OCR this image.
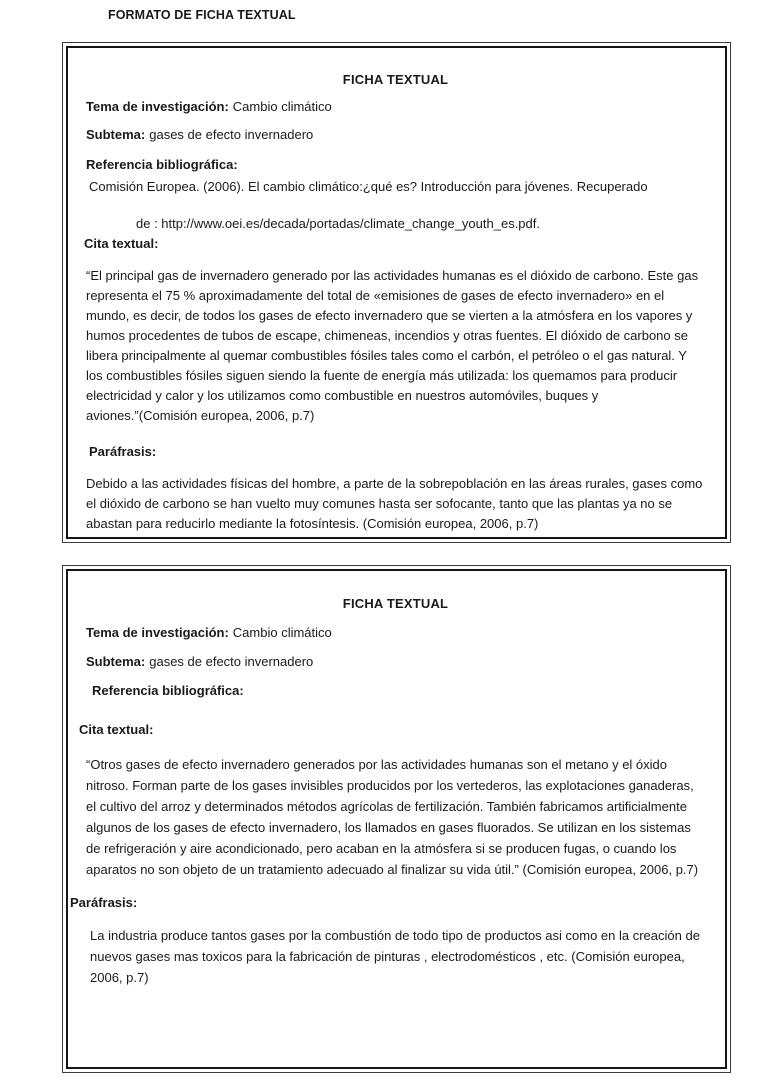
FORMATO DE FICHA TEXTUAL
FICHA TEXTUAL
Tema de investigación: Cambio climático
Subtema: gases de efecto invernadero
Referencia bibliográfica:
Comisión Europea. (2006). El cambio climático:¿qué es? Introducción para jóvenes. Recuperado
de : http://www.oei.es/decada/portadas/climate_change_youth_es.pdf.
Cita textual:
“El principal gas de invernadero generado por las actividades humanas es el dióxido de carbono. Este gas representa el 75 % aproximadamente del total de «emisiones de gases de efecto invernadero» en el mundo, es decir, de todos los gases de efecto invernadero que se vierten a la atmósfera en los vapores y humos procedentes de tubos de escape, chimeneas, incendios y otras fuentes. El dióxido de carbono se libera principalmente al quemar combustibles fósiles tales como el carbón, el petróleo o el gas natural. Y los combustibles fósiles siguen siendo la fuente de energía más utilizada: los quemamos para producir electricidad y calor y los utilizamos como combustible en nuestros automóviles, buques y aviones.”(Comisión europea, 2006, p.7)
Paráfrasis:
Debido a las actividades físicas del hombre, a parte de la sobrepoblación en las áreas rurales, gases como el dióxido de carbono se han vuelto muy comunes hasta ser sofocante, tanto que las plantas ya no se abastan para reducirlo mediante la fotosíntesis. (Comisión europea, 2006, p.7)
FICHA TEXTUAL
Tema de investigación: Cambio climático
Subtema: gases de efecto invernadero
Referencia bibliográfica:
Cita textual:
“Otros gases de efecto invernadero generados por las actividades humanas son el metano y el óxido nitroso. Forman parte de los gases invisibles producidos por los vertederos, las explotaciones ganaderas, el cultivo del arroz y determinados métodos agrícolas de fertilización. También fabricamos artificialmente algunos de los gases de efecto invernadero, los llamados en gases fluorados. Se utilizan en los sistemas de refrigeración y aire acondicionado, pero acaban en la atmósfera si se producen fugas, o cuando los aparatos no son objeto de un tratamiento adecuado al finalizar su vida útil.” (Comisión europea, 2006, p.7)
Paráfrasis:
La industria produce tantos gases por la combustión de todo tipo de productos asi como en la creación de nuevos gases mas toxicos para la fabricación de pinturas , electrodomésticos , etc. (Comisión europea, 2006, p.7)
